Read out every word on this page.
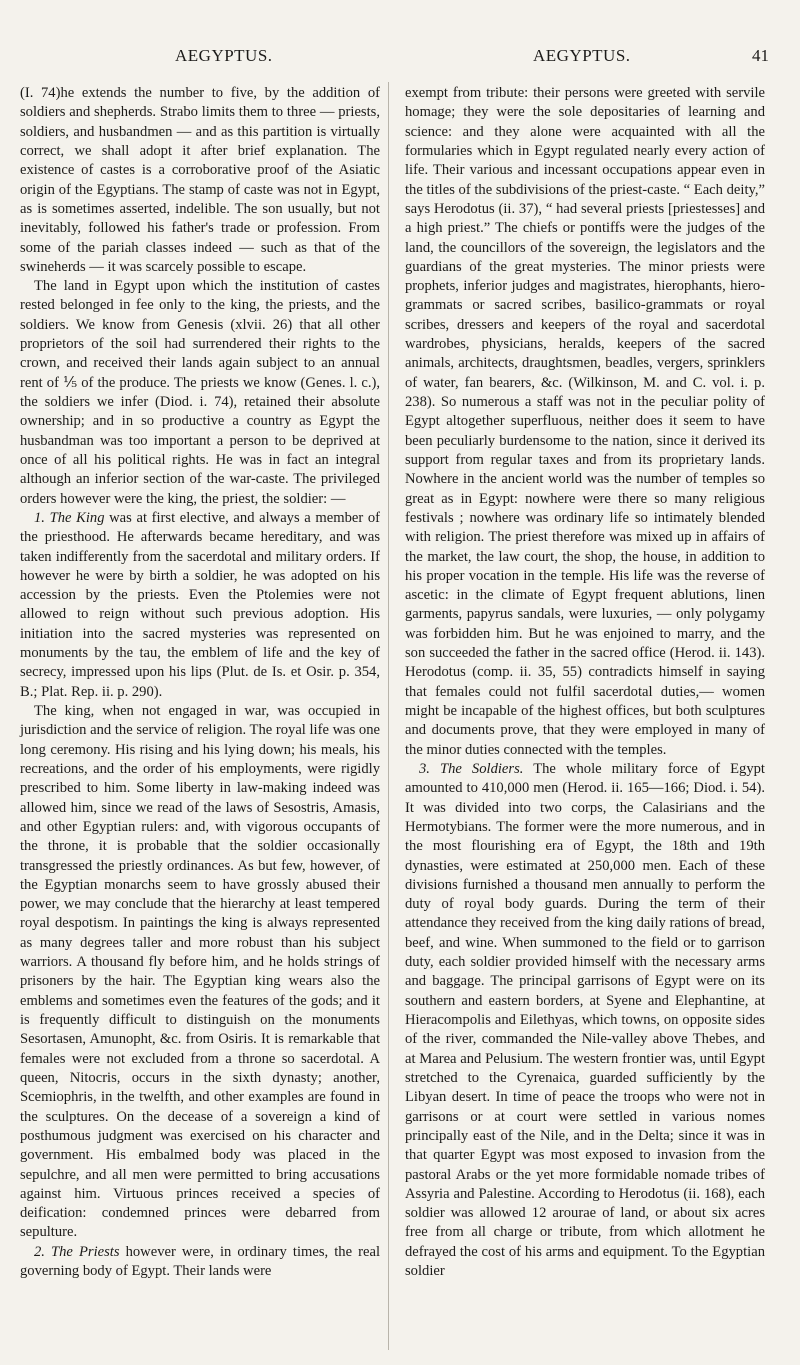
AEGYPTUS.	AEGYPTUS.	41

(I. 74)he extends the number to five, by the addition of soldiers and shepherds. Strabo limits them to three — priests, soldiers, and husbandmen — and as this partition is virtually correct, we shall adopt it after brief explanation. The existence of castes is a corroborative proof of the Asiatic origin of the Egyptians. The stamp of caste was not in Egypt, as is sometimes asserted, indelible. The son usually, but not inevitably, followed his father's trade or profession. From some of the pariah classes indeed — such as that of the swineherds — it was scarcely possible to escape.

The land in Egypt upon which the institution of castes rested belonged in fee only to the king, the priests, and the soldiers. We know from Genesis (xlvii. 26) that all other proprietors of the soil had surrendered their rights to the crown, and received their lands again subject to an annual rent of ⅕ of the produce. The priests we know (Genes. l. c.), the soldiers we infer (Diod. i. 74), retained their absolute ownership; and in so productive a country as Egypt the husbandman was too important a person to be deprived at once of all his political rights. He was in fact an integral although an inferior section of the war-caste. The privileged orders however were the king, the priest, the soldier: —

1. The King was at first elective, and always a member of the priesthood. He afterwards became hereditary, and was taken indifferently from the sacerdotal and military orders. If however he were by birth a soldier, he was adopted on his accession by the priests. Even the Ptolemies were not allowed to reign without such previous adoption. His initiation into the sacred mysteries was represented on monuments by the tau, the emblem of life and the key of secrecy, impressed upon his lips (Plut. de Is. et Osir. p. 354, B.; Plat. Rep. ii. p. 290).

The king, when not engaged in war, was occupied in jurisdiction and the service of religion. The royal life was one long ceremony. His rising and his lying down; his meals, his recreations, and the order of his employments, were rigidly prescribed to him. Some liberty in law-making indeed was allowed him, since we read of the laws of Sesostris, Amasis, and other Egyptian rulers: and, with vigorous occupants of the throne, it is probable that the soldier occasionally transgressed the priestly ordinances. As but few, however, of the Egyptian monarchs seem to have grossly abused their power, we may conclude that the hierarchy at least tempered royal despotism. In paintings the king is always represented as many degrees taller and more robust than his subject warriors. A thousand fly before him, and he holds strings of prisoners by the hair. The Egyptian king wears also the emblems and sometimes even the features of the gods; and it is frequently difficult to distinguish on the monuments Sesortasen, Amunopht, &c. from Osiris. It is remarkable that females were not excluded from a throne so sacerdotal. A queen, Nitocris, occurs in the sixth dynasty; another, Scemiophris, in the twelfth, and other examples are found in the sculptures. On the decease of a sovereign a kind of posthumous judgment was exercised on his character and government. His embalmed body was placed in the sepulchre, and all men were permitted to bring accusations against him. Virtuous princes received a species of deification: condemned princes were debarred from sepulture.

2. The Priests however were, in ordinary times, the real governing body of Egypt. Their lands were

exempt from tribute: their persons were greeted with servile homage; they were the sole depositaries of learning and science: and they alone were acquainted with all the formularies which in Egypt regulated nearly every action of life. Their various and incessant occupations appear even in the titles of the subdivisions of the priest-caste. “ Each deity,” says Herodotus (ii. 37), “ had several priests [priestesses] and a high priest.” The chiefs or pontiffs were the judges of the land, the councillors of the sovereign, the legislators and the guardians of the great mysteries. The minor priests were prophets, inferior judges and magistrates, hierophants, hiero-grammats or sacred scribes, basilico-grammats or royal scribes, dressers and keepers of the royal and sacerdotal wardrobes, physicians, heralds, keepers of the sacred animals, architects, draughtsmen, beadles, vergers, sprinklers of water, fan bearers, &c. (Wilkinson, M. and C. vol. i. p. 238). So numerous a staff was not in the peculiar polity of Egypt altogether superfluous, neither does it seem to have been peculiarly burdensome to the nation, since it derived its support from regular taxes and from its proprietary lands. Nowhere in the ancient world was the number of temples so great as in Egypt: nowhere were there so many religious festivals ; nowhere was ordinary life so intimately blended with religion. The priest therefore was mixed up in affairs of the market, the law court, the shop, the house, in addition to his proper vocation in the temple. His life was the reverse of ascetic: in the climate of Egypt frequent ablutions, linen garments, papyrus sandals, were luxuries, — only polygamy was forbidden him. But he was enjoined to marry, and the son succeeded the father in the sacred office (Herod. ii. 143). Herodotus (comp. ii. 35, 55) contradicts himself in saying that females could not fulfil sacerdotal duties,— women might be incapable of the highest offices, but both sculptures and documents prove, that they were employed in many of the minor duties connected with the temples.

3. The Soldiers. The whole military force of Egypt amounted to 410,000 men (Herod. ii. 165—166; Diod. i. 54). It was divided into two corps, the Calasirians and the Hermotybians. The former were the more numerous, and in the most flourishing era of Egypt, the 18th and 19th dynasties, were estimated at 250,000 men. Each of these divisions furnished a thousand men annually to perform the duty of royal body guards. During the term of their attendance they received from the king daily rations of bread, beef, and wine. When summoned to the field or to garrison duty, each soldier provided himself with the necessary arms and baggage. The principal garrisons of Egypt were on its southern and eastern borders, at Syene and Elephantine, at Hieracompolis and Eilethyas, which towns, on opposite sides of the river, commanded the Nile-valley above Thebes, and at Marea and Pelusium. The western frontier was, until Egypt stretched to the Cyrenaica, guarded sufficiently by the Libyan desert. In time of peace the troops who were not in garrisons or at court were settled in various nomes principally east of the Nile, and in the Delta; since it was in that quarter Egypt was most exposed to invasion from the pastoral Arabs or the yet more formidable nomade tribes of Assyria and Palestine. According to Herodotus (ii. 168), each soldier was allowed 12 arourae of land, or about six acres free from all charge or tribute, from which allotment he defrayed the cost of his arms and equipment. To the Egyptian soldier
